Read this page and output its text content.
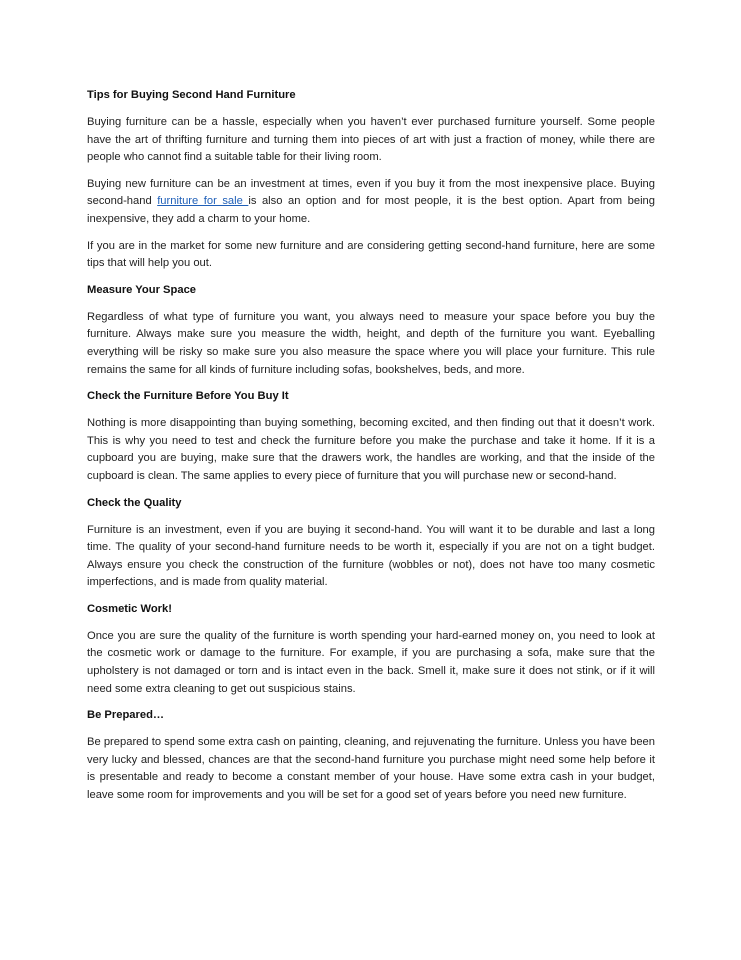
Tips for Buying Second Hand Furniture

Buying furniture can be a hassle, especially when you haven’t ever purchased furniture yourself. Some people have the art of thrifting furniture and turning them into pieces of art with just a fraction of money, while there are people who cannot find a suitable table for their living room.

Buying new furniture can be an investment at times, even if you buy it from the most inexpensive place. Buying second-hand furniture for sale is also an option and for most people, it is the best option. Apart from being inexpensive, they add a charm to your home.

If you are in the market for some new furniture and are considering getting second-hand furniture, here are some tips that will help you out.

Measure Your Space

Regardless of what type of furniture you want, you always need to measure your space before you buy the furniture. Always make sure you measure the width, height, and depth of the furniture you want. Eyeballing everything will be risky so make sure you also measure the space where you will place your furniture. This rule remains the same for all kinds of furniture including sofas, bookshelves, beds, and more.

Check the Furniture Before You Buy It

Nothing is more disappointing than buying something, becoming excited, and then finding out that it doesn’t work. This is why you need to test and check the furniture before you make the purchase and take it home. If it is a cupboard you are buying, make sure that the drawers work, the handles are working, and that the inside of the cupboard is clean. The same applies to every piece of furniture that you will purchase new or second-hand.

Check the Quality

Furniture is an investment, even if you are buying it second-hand. You will want it to be durable and last a long time. The quality of your second-hand furniture needs to be worth it, especially if you are not on a tight budget. Always ensure you check the construction of the furniture (wobbles or not), does not have too many cosmetic imperfections, and is made from quality material.

Cosmetic Work!

Once you are sure the quality of the furniture is worth spending your hard-earned money on, you need to look at the cosmetic work or damage to the furniture. For example, if you are purchasing a sofa, make sure that the upholstery is not damaged or torn and is intact even in the back. Smell it, make sure it does not stink, or if it will need some extra cleaning to get out suspicious stains.

Be Prepared…

Be prepared to spend some extra cash on painting, cleaning, and rejuvenating the furniture. Unless you have been very lucky and blessed, chances are that the second-hand furniture you purchase might need some help before it is presentable and ready to become a constant member of your house. Have some extra cash in your budget, leave some room for improvements and you will be set for a good set of years before you need new furniture.
